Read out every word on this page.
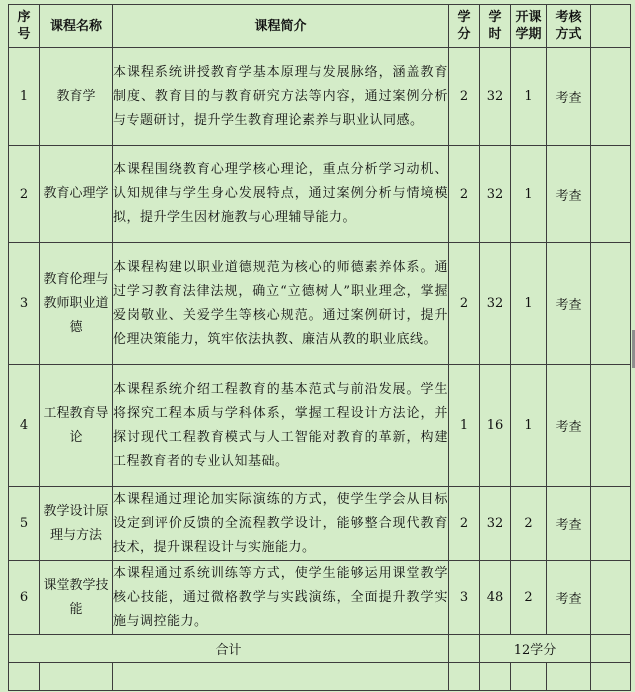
序号	课程名称	课程简介	学分	学时	开课学期	考核方式	
1	教育学	本课程系统讲授教育学基本原理与发展脉络，涵盖教育制度、教育目的与教育研究方法等内容，通过案例分析与专题研讨，提升学生教育理论素养与职业认同感。	2	32	1	考查	
2	教育心理学	本课程围绕教育心理学核心理论，重点分析学习动机、认知规律与学生身心发展特点，通过案例分析与情境模拟，提升学生因材施教与心理辅导能力。	2	32	1	考查	
3	教育伦理与教师职业道德	本课程构建以职业道德规范为核心的师德素养体系。通过学习教育法律法规，确立“立德树人”职业理念，掌握爱岗敬业、关爱学生等核心规范。通过案例研讨，提升伦理决策能力，筑牢依法执教、廉洁从教的职业底线。	2	32	1	考查	
4	工程教育导论	本课程系统介绍工程教育的基本范式与前沿发展。学生将探究工程本质与学科体系，掌握工程设计方法论，并探讨现代工程教育模式与人工智能对教育的革新，构建工程教育者的专业认知基础。	1	16	1	考查	
5	教学设计原理与方法	本课程通过理论加实际演练的方式，使学生学会从目标设定到评价反馈的全流程教学设计，能够整合现代教育技术，提升课程设计与实施能力。	2	32	2	考查	
6	课堂教学技能	本课程通过系统训练等方式，使学生能够运用课堂教学核心技能，通过微格教学与实践演练，全面提升教学实施与调控能力。	3	48	2	考查	
合计				12学分			
